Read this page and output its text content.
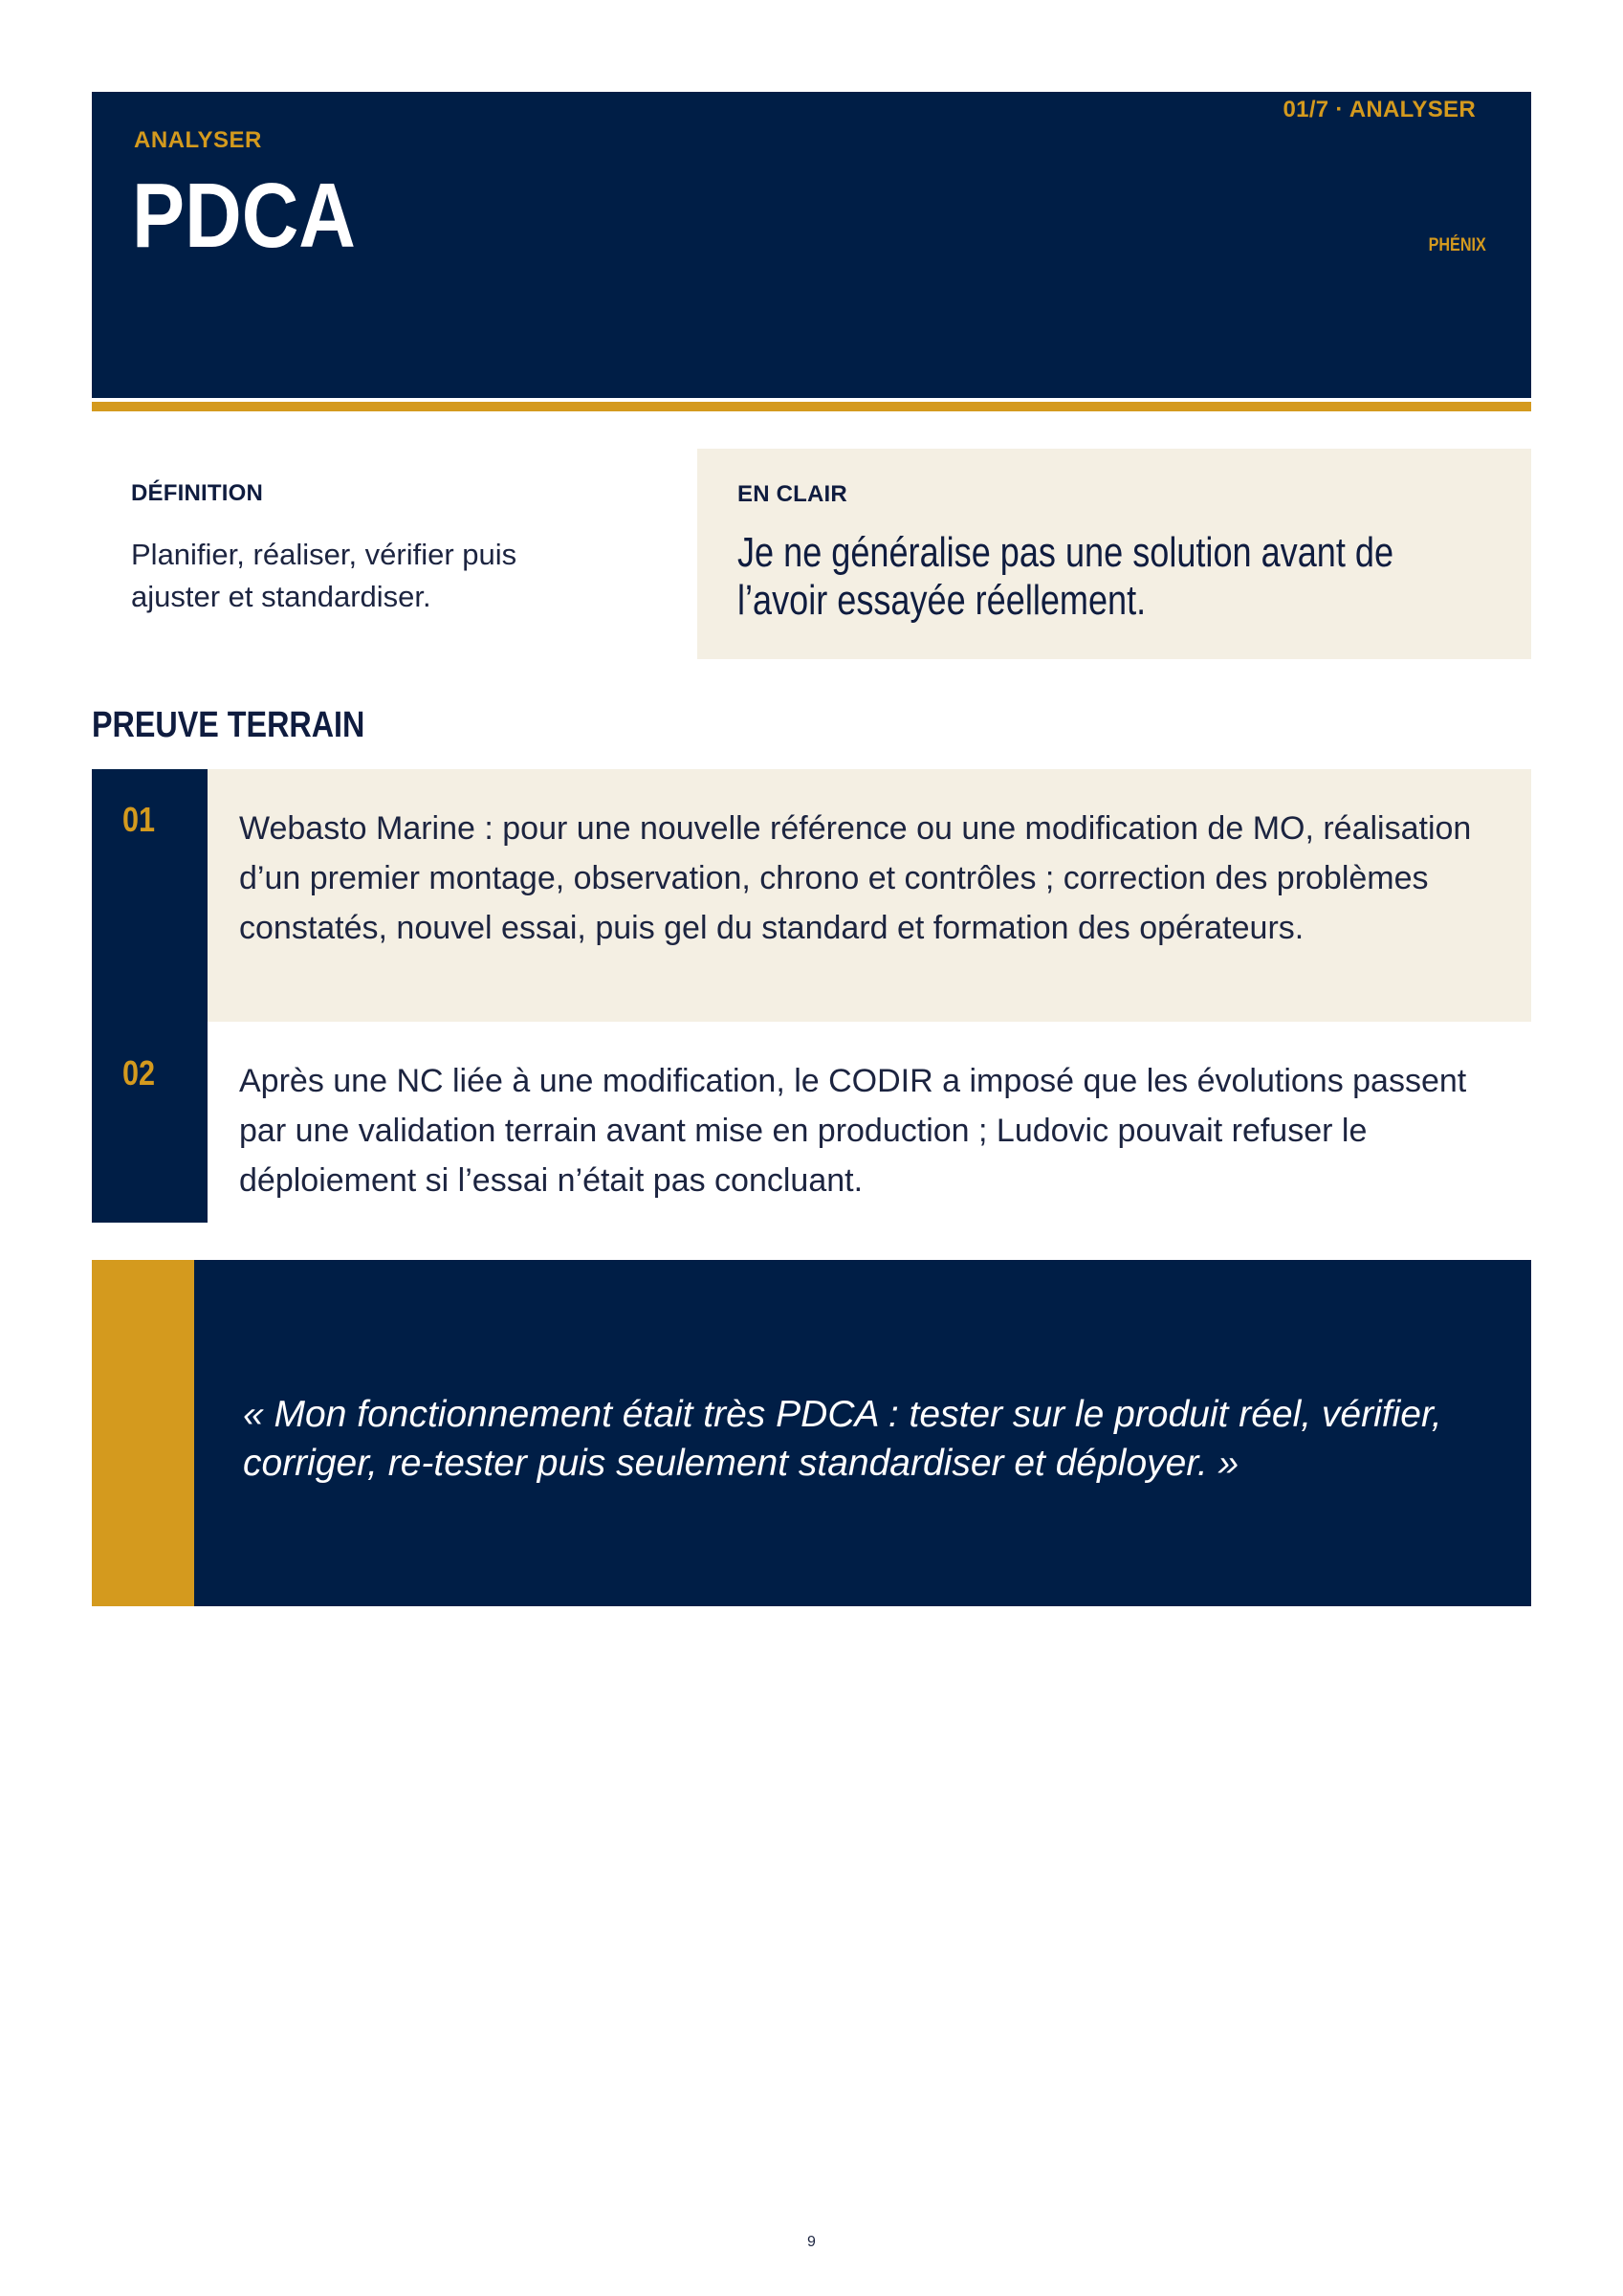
ANALYSER
PDCA
01/7 · ANALYSER
PHÉNIX
DÉFINITION
Planifier, réaliser, vérifier puis ajuster et standardiser.
EN CLAIR
Je ne généralise pas une solution avant de l’avoir essayée réellement.
PREUVE TERRAIN
01
02
Webasto Marine : pour une nouvelle référence ou une modification de MO, réalisation d’un premier montage, observation, chrono et contrôles ; correction des problèmes constatés, nouvel essai, puis gel du standard et formation des opérateurs.
Après une NC liée à une modification, le CODIR a imposé que les évolutions passent par une validation terrain avant mise en production ; Ludovic pouvait refuser le déploiement si l’essai n’était pas concluant.
« Mon fonctionnement était très PDCA : tester sur le produit réel, vérifier, corriger, re-tester puis seulement standardiser et déployer. »
9
